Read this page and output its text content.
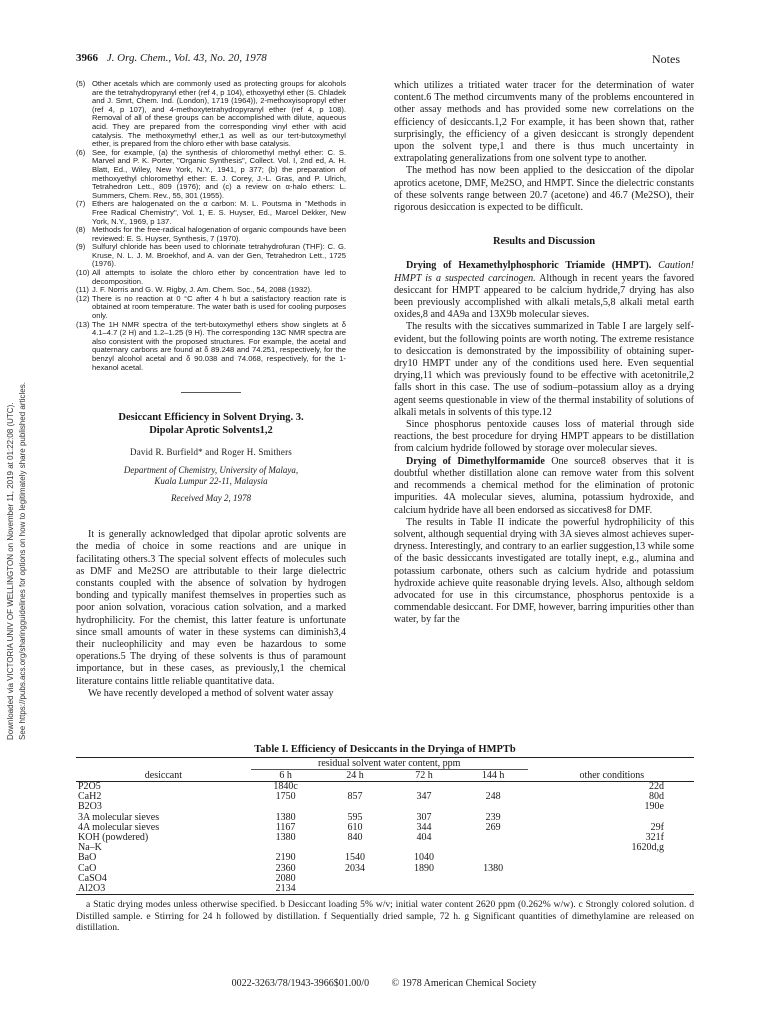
3966 J. Org. Chem., Vol. 43, No. 20, 1978	Notes
Downloaded via VICTORIA UNIV OF WELLINGTON on November 11, 2019 at 01:22:08 (UTC). See https://pubs.acs.org/sharingguidelines for options on how to legitimately share published articles.
(5) Other acetals which are commonly used as protecting groups for alcohols are the tetrahydropyranyl ether (ref 4, p 104), ethoxyethyl ether (S. Chladek and J. Smrt, Chem. Ind. (London), 1719 (1964)), 2-methoxyisopropyl ether (ref 4, p 107), and 4-methoxytetrahydropyranyl ether (ref 4, p 108). Removal of all of these groups can be accomplished with dilute, aqueous acid. They are prepared from the corresponding vinyl ether with acid catalysis. The methoxymethyl ether,1 as well as our tert-butoxymethyl ether, is prepared from the chloro ether with base catalysis.
(6) See, for example, (a) the synthesis of chloromethyl methyl ether: C. S. Marvel and P. K. Porter, "Organic Synthesis", Collect. Vol. I, 2nd ed, A. H. Blatt, Ed., Wiley, New York, N.Y., 1941, p 377; (b) the preparation of methoxyethyl chloromethyl ether: E. J. Corey, J.-L. Gras, and P. Ulrich, Tetrahedron Lett., 809 (1976); and (c) a review on α-halo ethers: L. Summers, Chem. Rev., 55, 301 (1955).
(7) Ethers are halogenated on the α carbon: M. L. Poutsma in "Methods in Free Radical Chemistry", Vol. 1, E. S. Huyser, Ed., Marcel Dekker, New York, N.Y., 1969, p 137.
(8) Methods for the free-radical halogenation of organic compounds have been reviewed: E. S. Huyser, Synthesis, 7 (1970).
(9) Sulfuryl chloride has been used to chlorinate tetrahydrofuran (THF): C. G. Kruse, N. L. J. M. Broekhof, and A. van der Gen, Tetrahedron Lett., 1725 (1976).
(10) All attempts to isolate the chloro ether by concentration have led to decomposition.
(11) J. F. Norris and G. W. Rigby, J. Am. Chem. Soc., 54, 2088 (1932).
(12) There is no reaction at 0 °C after 4 h but a satisfactory reaction rate is obtained at room temperature. The water bath is used for cooling purposes only.
(13) The 1H NMR spectra of the tert-butoxymethyl ethers show singlets at δ 4.1–4.7 (2 H) and 1.2–1.25 (9 H). The corresponding 13C NMR spectra are also consistent with the proposed structures. For example, the acetal and quaternary carbons are found at δ 89.248 and 74.251, respectively, for the benzyl alcohol acetal and δ 90.038 and 74.068, respectively, for the 1-hexanol acetal.
Desiccant Efficiency in Solvent Drying. 3.
Dipolar Aprotic Solvents1,2
David R. Burfield* and Roger H. Smithers
Department of Chemistry, University of Malaya,
Kuala Lumpur 22-11, Malaysia
Received May 2, 1978

It is generally acknowledged that dipolar aprotic solvents are the media of choice in some reactions and are unique in facilitating others.3 The special solvent effects of molecules such as DMF and Me2SO are attributable to their large dielectric constants coupled with the absence of solvation by hydrogen bonding and typically manifest themselves in properties such as poor anion solvation, voracious cation solvation, and a marked hydrophilicity. For the chemist, this latter feature is unfortunate since small amounts of water in these systems can diminish3,4 their nucleophilicity and may even be hazardous to some operations.5 The drying of these solvents is thus of paramount importance, but in these cases, as previously,1 the chemical literature contains little reliable quantitative data.

We have recently developed a method of solvent water assay

which utilizes a tritiated water tracer for the determination of water content.6 The method circumvents many of the problems encountered in other assay methods and has provided some new correlations on the efficiency of desiccants.1,2 For example, it has been shown that, rather surprisingly, the efficiency of a given desiccant is strongly dependent upon the solvent type,1 and there is thus much uncertainty in extrapolating generalizations from one solvent type to another.

The method has now been applied to the desiccation of the dipolar aprotics acetone, DMF, Me2SO, and HMPT. Since the dielectric constants of these solvents range between 20.7 (acetone) and 46.7 (Me2SO), their rigorous desiccation is expected to be difficult.

Results and Discussion

Drying of Hexamethylphosphoric Triamide (HMPT). Caution! HMPT is a suspected carcinogen. Although in recent years the favored desiccant for HMPT appeared to be calcium hydride,7 drying has also been previously accomplished with alkali metals,5,8 alkali metal earth oxides,8 and 4A9a and 13X9b molecular sieves.

The results with the siccatives summarized in Table I are largely self-evident, but the following points are worth noting. The extreme resistance to desiccation is demonstrated by the impossibility of obtaining super-dry10 HMPT under any of the conditions used here. Even sequential drying,11 which was previously found to be effective with acetonitrile,2 falls short in this case. The use of sodium–potassium alloy as a drying agent seems questionable in view of the thermal instability of solutions of alkali metals in solvents of this type.12

Since phosphorus pentoxide causes loss of material through side reactions, the best procedure for drying HMPT appears to be distillation from calcium hydride followed by storage over molecular sieves.

Drying of Dimethylformamide One source8 observes that it is doubtful whether distillation alone can remove water from this solvent and recommends a chemical method for the elimination of protonic impurities. 4A molecular sieves, alumina, potassium hydroxide, and calcium hydride have all been endorsed as siccatives8 for DMF.

The results in Table II indicate the powerful hydrophilicity of this solvent, although sequential drying with 3A sieves almost achieves super-dryness. Interestingly, and contrary to an earlier suggestion,13 while some of the basic dessiccants investigated are totally inept, e.g., alumina and potassium carbonate, others such as calcium hydride and potassium hydroxide achieve quite reasonable drying levels. Also, although seldom advocated for use in this circumstance, phosphorus pentoxide is a commendable desiccant. For DMF, however, barring impurities other than water, by far the

Table I. Efficiency of Desiccants in the Dryinga of HMPTb
desiccant	residual solvent water content, ppm				other conditions
	6 h	24 h	72 h	144 h	
P2O5	1840c				22d
CaH2	1750	857	347	248	80d
B2O3					190e
3A molecular sieves	1380	595	307	239	
4A molecular sieves	1167	610	344	269	29f
KOH (powdered)	1380	840	404		321f
Na–K					1620d,g
BaO	2190	1540	1040		
CaO	2360	2034	1890	1380	
CaSO4	2080				
Al2O3	2134				
a Static drying modes unless otherwise specified. b Desiccant loading 5% w/v; initial water content 2620 ppm (0.262% w/w). c Strongly colored solution. d Distilled sample. e Stirring for 24 h followed by distillation. f Sequentially dried sample, 72 h. g Significant quantities of dimethylamine are released on distillation.
0022-3263/78/1943-3966$01.00/0 © 1978 American Chemical Society
